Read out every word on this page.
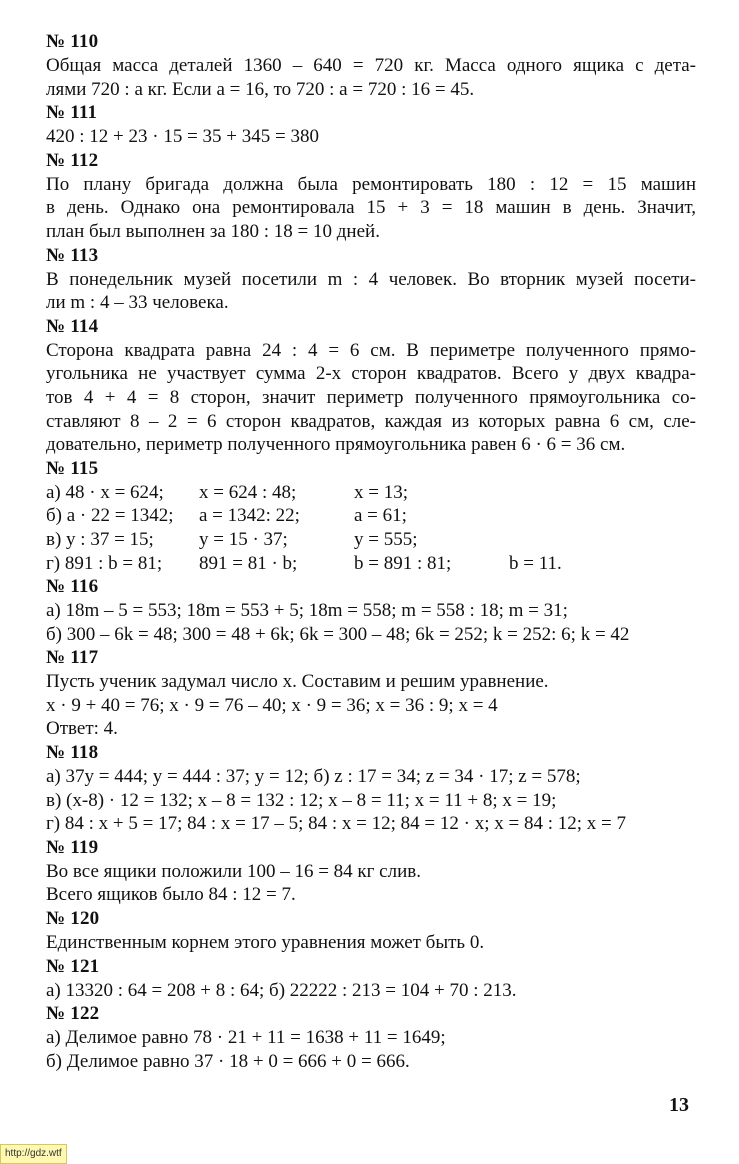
№ 110
Общая масса деталей 1360 – 640 = 720 кг. Масса одного ящика с дета-
лями 720 : а кг. Если а = 16, то 720 : а = 720 : 16 = 45.
№ 111
420 : 12 + 23 · 15 = 35 + 345 = 380
№ 112
По плану бригада должна была ремонтировать 180 : 12 = 15 машин
в день. Однако она ремонтировала 15 + 3 = 18 машин в день. Значит,
план был выполнен за 180 : 18 = 10 дней.
№ 113
В понедельник музей посетили m : 4 человек. Во вторник музей посети-
ли m : 4 – 33 человека.
№ 114
Сторона квадрата равна 24 : 4 = 6 см. В периметре полученного прямо-
угольника не участвует сумма 2-х сторон квадратов. Всего у двух квадра-
тов 4 + 4 = 8 сторон, значит периметр полученного прямоугольника со-
ставляют 8 – 2 = 6 сторон квадратов, каждая из которых равна 6 см, сле-
довательно, периметр полученного прямоугольника равен 6 · 6 = 36 см.
№ 115
а) 48 · x = 624;	x = 624 : 48;	x = 13;
б) a · 22 = 1342;	a = 1342: 22;	a = 61;
в) y : 37 = 15;	y = 15 · 37;	y = 555;
г) 891 : b = 81;	891 = 81 · b;	b = 891 : 81;	b = 11.
№ 116
а) 18m – 5 = 553; 18m = 553 + 5; 18m = 558; m = 558 : 18; m = 31;
б) 300 – 6k = 48; 300 = 48 + 6k; 6k = 300 – 48; 6k = 252; k = 252: 6; k = 42
№ 117
Пусть ученик задумал число x. Составим и решим уравнение.
x · 9 + 40 = 76; x · 9 = 76 – 40; x · 9 = 36; x = 36 : 9; x = 4
Ответ: 4.
№ 118
а) 37y = 444; y = 444 : 37; y = 12; б) z : 17 = 34; z = 34 · 17; z = 578;
в) (x-8) · 12 = 132; x – 8 = 132 : 12; x – 8 = 11; x = 11 + 8; x = 19;
г) 84 : x + 5 = 17; 84 : x = 17 – 5; 84 : x = 12; 84 = 12 · x; x = 84 : 12; x = 7
№ 119
Во все ящики положили 100 – 16 = 84 кг слив.
Всего ящиков было 84 : 12 = 7.
№ 120
Единственным корнем этого уравнения может быть 0.
№ 121
а) 13320 : 64 = 208 + 8 : 64; б) 22222 : 213 = 104 + 70 : 213.
№ 122
а) Делимое равно 78 · 21 + 11 = 1638 + 11 = 1649;
б) Делимое равно 37 · 18 + 0 = 666 + 0 = 666.
13
http://gdz.wtf
